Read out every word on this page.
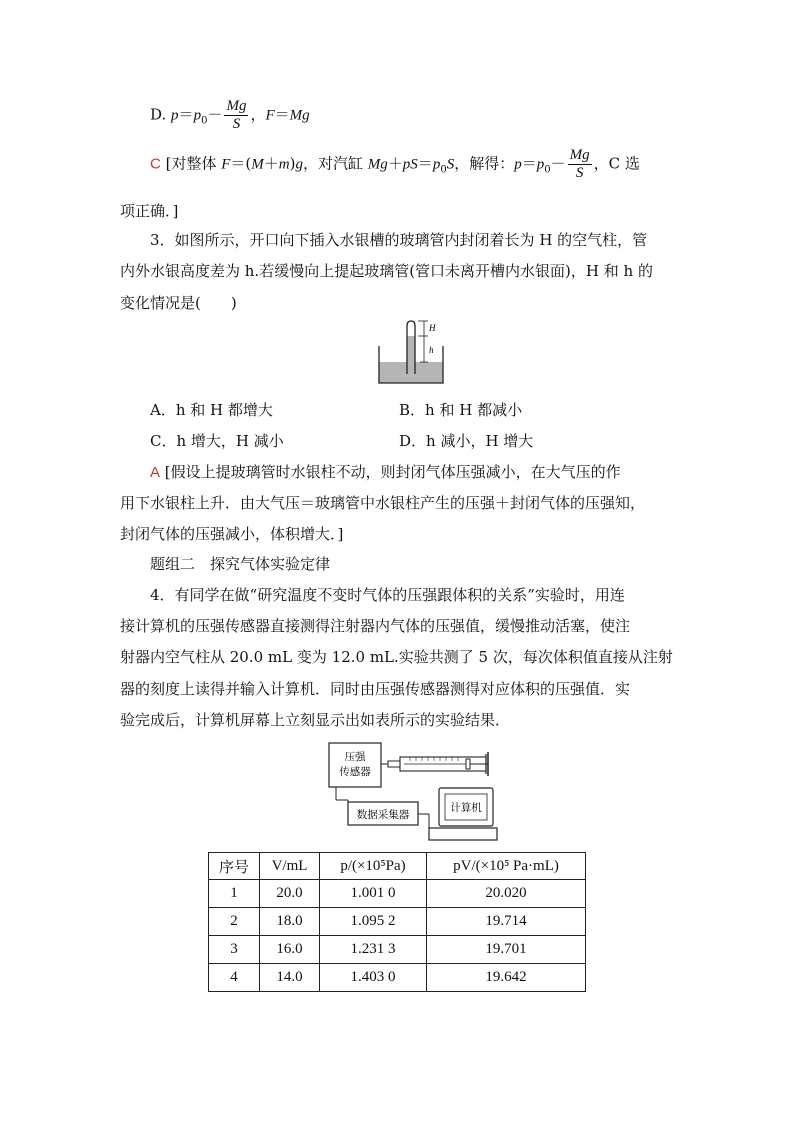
D. $p=p_0- \frac{Mg}{S}$ ，F＝Mg
C [对整体 F＝(M＋m)g，对汽缸 $Mg+pS=p_0S$，解得：$p=p_0- \frac{Mg}{S}$ ，C 选
项正确．]
3．如图所示，开口向下插入水银槽的玻璃管内封闭着长为 H 的空气柱，管
内外水银高度差为 h.若缓慢向上提起玻璃管(管口未离开槽内水银面)，H 和 h 的
变化情况是(　　)
H
h
A．h 和 H 都增大	B．h 和 H 都减小
C．h 增大，H 减小	D．h 减小，H 增大
A [假设上提玻璃管时水银柱不动，则封闭气体压强减小，在大气压的作
用下水银柱上升．由大气压＝玻璃管中水银柱产生的压强＋封闭气体的压强知，
封闭气体的压强减小，体积增大．]
题组二　探究气体实验定律
4．有同学在做“研究温度不变时气体的压强跟体积的关系”实验时，用连
接计算机的压强传感器直接测得注射器内气体的压强值，缓慢推动活塞，使注
射器内空气柱从 20.0 mL 变为 12.0 mL.实验共测了 5 次，每次体积值直接从注射
器的刻度上读得并输入计算机．同时由压强传感器测得对应体积的压强值．实
验完成后，计算机屏幕上立刻显示出如表所示的实验结果．
压强
传感器
数据采集器
计算机
序号	V/mL	p/(×10⁵Pa)	pV/(×10⁵ Pa·mL)
1	20.0	1.001 0	20.020
2	18.0	1.095 2	19.714
3	16.0	1.231 3	19.701
4	14.0	1.403 0	19.642
